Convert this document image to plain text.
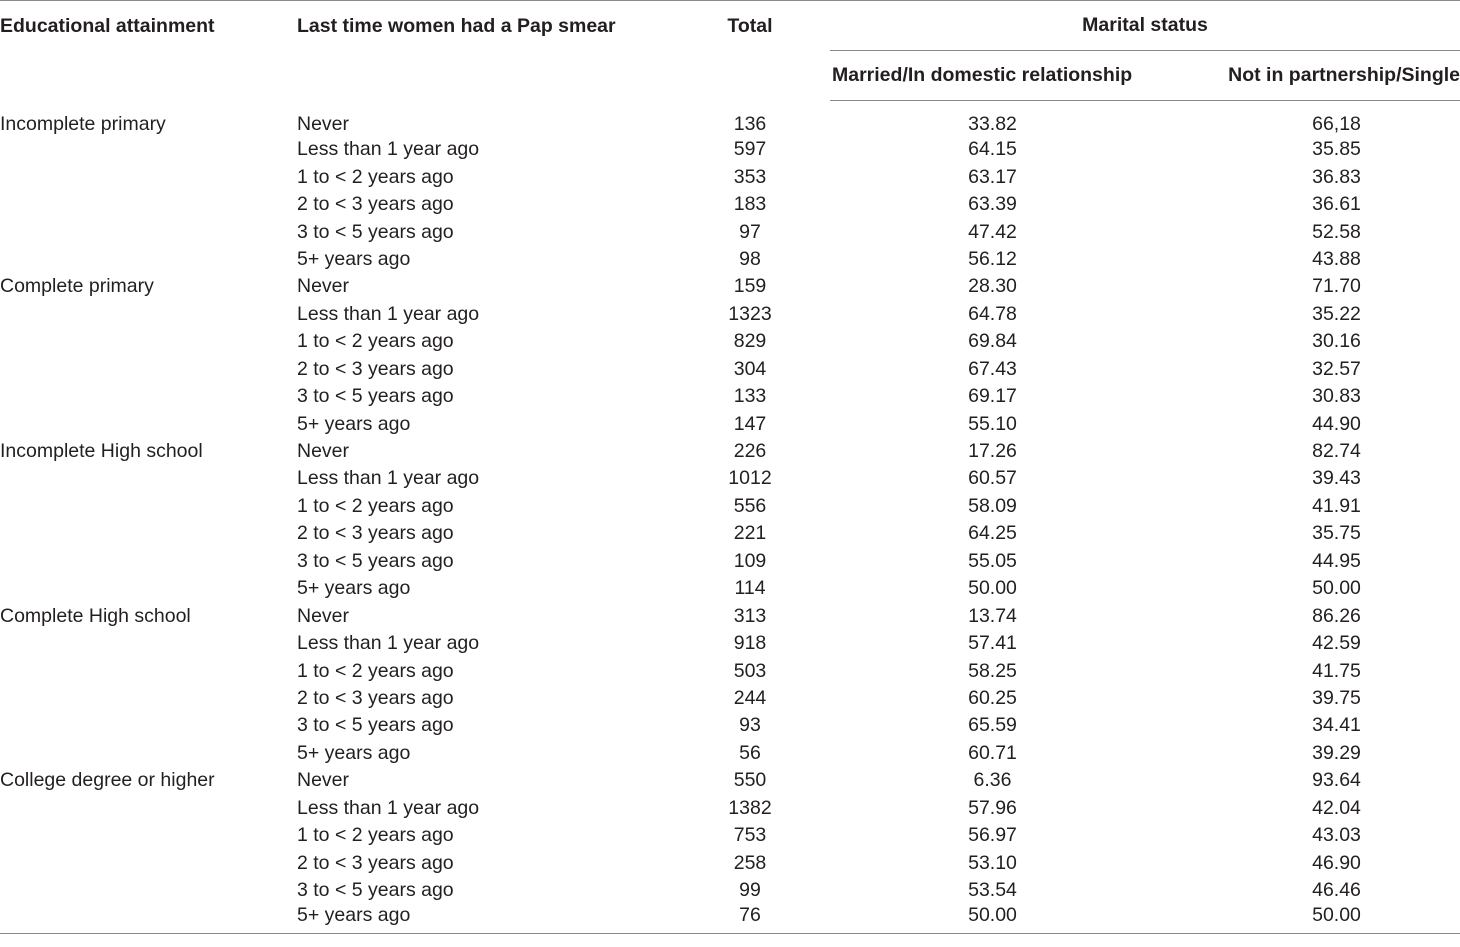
Educational attainment	Last time women had a Pap smear	Total	Marital status	
			Married/In domestic relationship	Not in partnership/Single
Incomplete primary	Never	136	33.82	66,18
	Less than 1 year ago	597	64.15	35.85
	1 to < 2 years ago	353	63.17	36.83
	2 to < 3 years ago	183	63.39	36.61
	3 to < 5 years ago	97	47.42	52.58
	5+ years ago	98	56.12	43.88
Complete primary	Never	159	28.30	71.70
	Less than 1 year ago	1323	64.78	35.22
	1 to < 2 years ago	829	69.84	30.16
	2 to < 3 years ago	304	67.43	32.57
	3 to < 5 years ago	133	69.17	30.83
	5+ years ago	147	55.10	44.90
Incomplete High school	Never	226	17.26	82.74
	Less than 1 year ago	1012	60.57	39.43
	1 to < 2 years ago	556	58.09	41.91
	2 to < 3 years ago	221	64.25	35.75
	3 to < 5 years ago	109	55.05	44.95
	5+ years ago	114	50.00	50.00
Complete High school	Never	313	13.74	86.26
	Less than 1 year ago	918	57.41	42.59
	1 to < 2 years ago	503	58.25	41.75
	2 to < 3 years ago	244	60.25	39.75
	3 to < 5 years ago	93	65.59	34.41
	5+ years ago	56	60.71	39.29
College degree or higher	Never	550	6.36	93.64
	Less than 1 year ago	1382	57.96	42.04
	1 to < 2 years ago	753	56.97	43.03
	2 to < 3 years ago	258	53.10	46.90
	3 to < 5 years ago	99	53.54	46.46
	5+ years ago	76	50.00	50.00
